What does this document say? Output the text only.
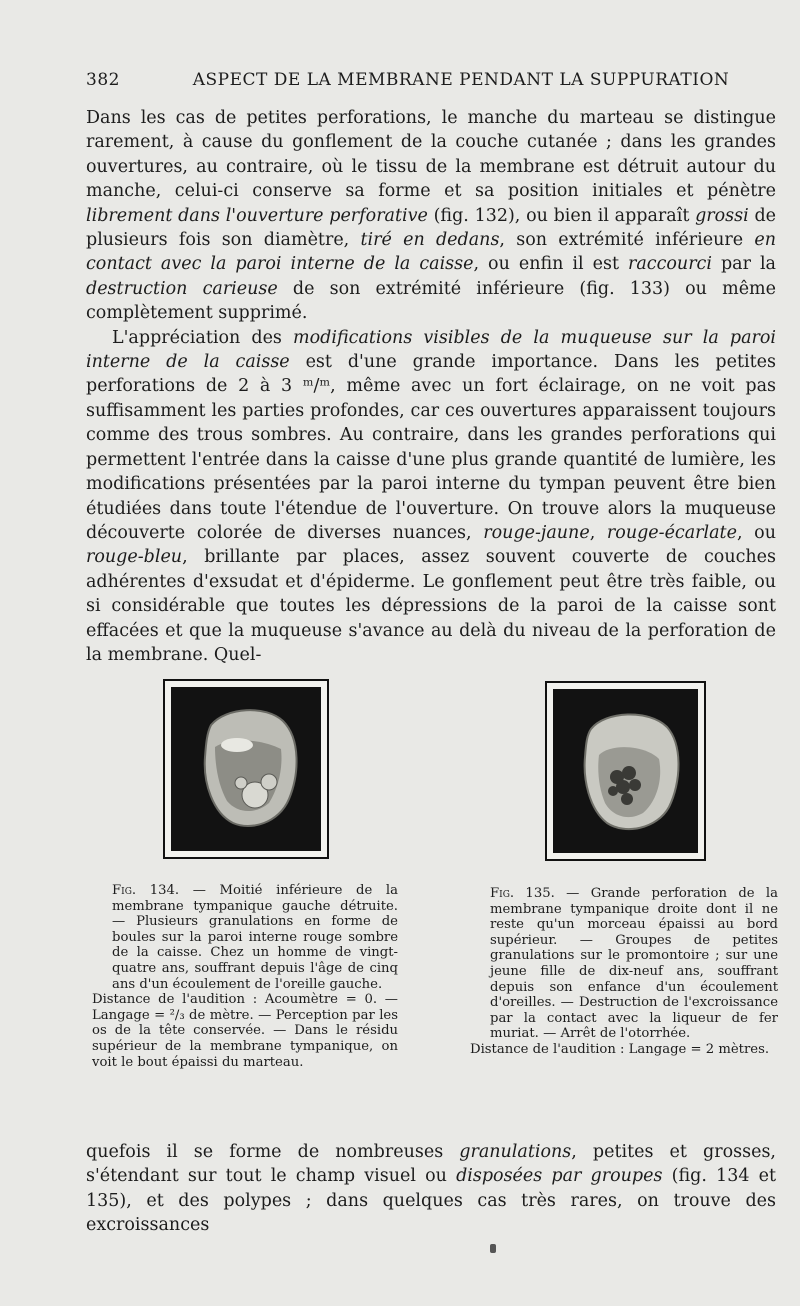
382	ASPECT DE LA MEMBRANE PENDANT LA SUPPURATION

Dans les cas de petites perforations, le manche du marteau se distingue rarement, à cause du gonflement de la couche cutanée ; dans les grandes ouvertures, au contraire, où le tissu de la membrane est détruit autour du manche, celui-ci conserve sa forme et sa position initiales et pénètre librement dans l'ouverture perforative (fig. 132), ou bien il apparaît grossi de plusieurs fois son diamètre, tiré en dedans, son extrémité inférieure en contact avec la paroi interne de la caisse, ou enfin il est raccourci par la destruction carieuse de son extrémité inférieure (fig. 133) ou même complètement supprimé.

L'appréciation des modifications visibles de la muqueuse sur la paroi interne de la caisse est d'une grande importance. Dans les petites perforations de 2 à 3 ᵐ/ᵐ, même avec un fort éclairage, on ne voit pas suffisamment les parties profondes, car ces ouvertures apparaissent toujours comme des trous sombres. Au contraire, dans les grandes perforations qui permettent l'entrée dans la caisse d'une plus grande quantité de lumière, les modifications présentées par la paroi interne du tympan peuvent être bien étudiées dans toute l'étendue de l'ouverture. On trouve alors la muqueuse découverte colorée de diverses nuances, rouge-jaune, rouge-écarlate, ou rouge-bleu, brillante par places, assez souvent couverte de couches adhérentes d'exsudat et d'épiderme. Le gonflement peut être très faible, ou si considérable que toutes les dépressions de la paroi de la caisse sont effacées et que la muqueuse s'avance au delà du niveau de la perforation de la membrane. Quel-

Fig. 134. — Moitié inférieure de la membrane tympanique gauche détruite. — Plusieurs granulations en forme de boules sur la paroi interne rouge sombre de la caisse. Chez un homme de vingt-quatre ans, souffrant depuis l'âge de cinq ans d'un écoulement de l'oreille gauche.

Distance de l'audition : Acoumètre = 0. — Langage = ²/₃ de mètre. — Perception par les os de la tête conservée. — Dans le résidu supérieur de la membrane tympanique, on voit le bout épaissi du marteau.

Fig. 135. — Grande perforation de la membrane tympanique droite dont il ne reste qu'un morceau épaissi au bord supérieur. — Groupes de petites granulations sur le promontoire ; sur une jeune fille de dix-neuf ans, souffrant depuis son enfance d'un écoulement d'oreilles. — Destruction de l'excroissance par la contact avec la liqueur de fer muriat. — Arrêt de l'otorrhée.

Distance de l'audition : Langage = 2 mètres.

quefois il se forme de nombreuses granulations, petites et grosses, s'étendant sur tout le champ visuel ou disposées par groupes (fig. 134 et 135), et des polypes ; dans quelques cas très rares, on trouve des excroissances
